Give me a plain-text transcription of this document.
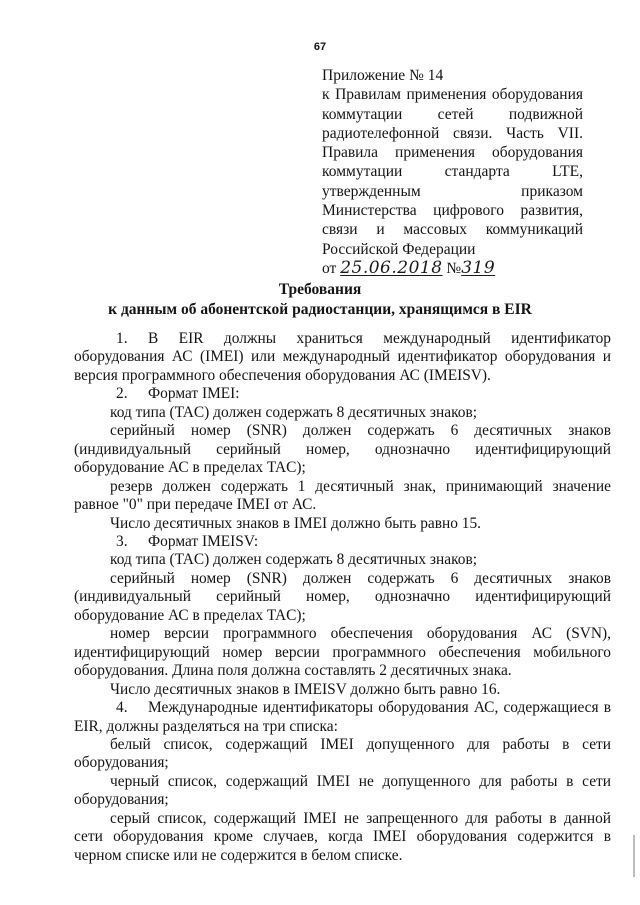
67
Приложение № 14
к Правилам применения оборудования коммутации сетей подвижной радиотелефонной связи. Часть VII. Правила применения оборудования коммутации стандарта LTE, утвержденным приказом Министерства цифрового развития, связи и массовых коммуникаций Российской Федерации
от 25.06.2018 №319
Требования
к данным об абонентской радиостанции, хранящимся в EIR

1. В EIR должны храниться международный идентификатор оборудования АС (IMEI) или международный идентификатор оборудования и версия программного обеспечения оборудования АС (IMEISV).

2. Формат IMEI:

код типа (TAC) должен содержать 8 десятичных знаков;

серийный номер (SNR) должен содержать 6 десятичных знаков (индивидуальный серийный номер, однозначно идентифицирующий оборудование АС в пределах TAC);

резерв должен содержать 1 десятичный знак, принимающий значение равное "0" при передаче IMEI от АС.

Число десятичных знаков в IMEI должно быть равно 15.

3. Формат IMEISV:

код типа (TAC) должен содержать 8 десятичных знаков;

серийный номер (SNR) должен содержать 6 десятичных знаков (индивидуальный серийный номер, однозначно идентифицирующий оборудование АС в пределах TAC);

номер версии программного обеспечения оборудования АС (SVN), идентифицирующий номер версии программного обеспечения мобильного оборудования. Длина поля должна составлять 2 десятичных знака.

Число десятичных знаков в IMEISV должно быть равно 16.

4. Международные идентификаторы оборудования АС, содержащиеся в EIR, должны разделяться на три списка:

белый список, содержащий IMEI допущенного для работы в сети оборудования;

черный список, содержащий IMEI не допущенного для работы в сети оборудования;

серый список, содержащий IMEI не запрещенного для работы в данной сети оборудования кроме случаев, когда IMEI оборудования содержится в черном списке или не содержится в белом списке.
